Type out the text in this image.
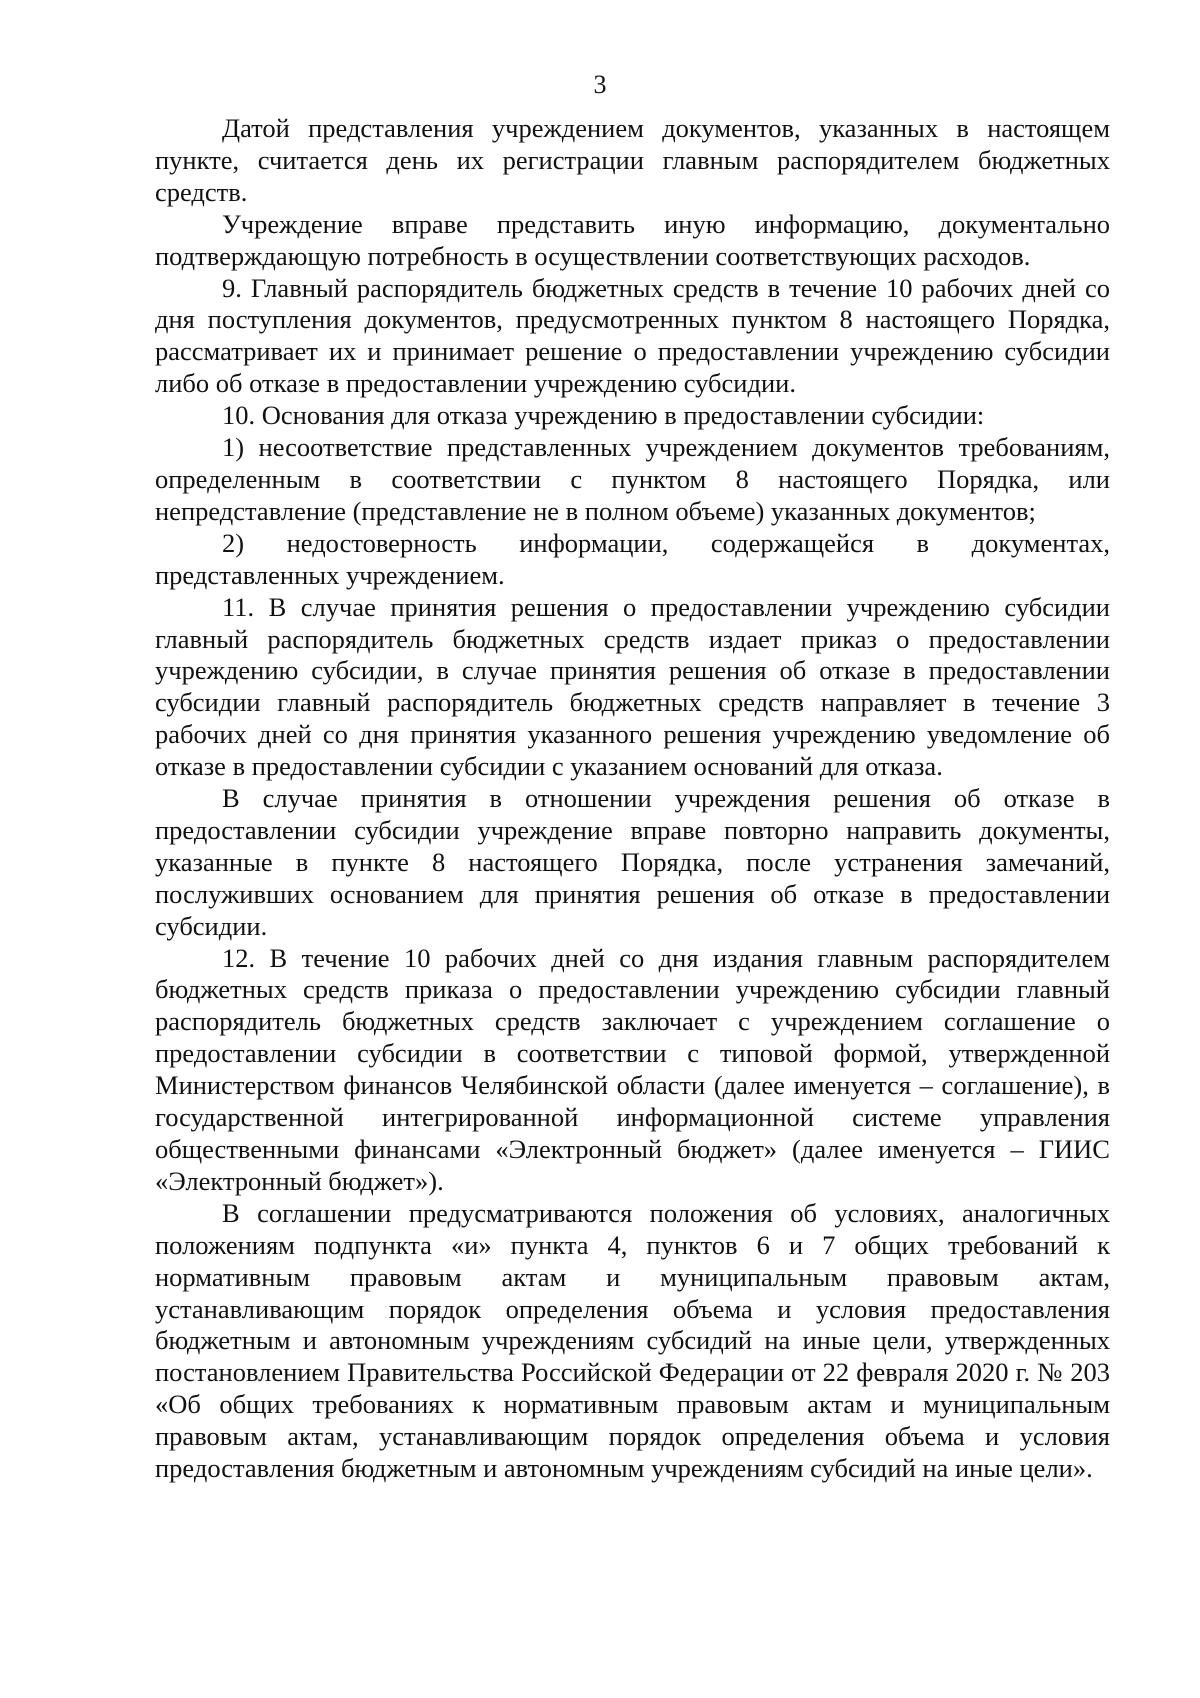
3

Датой представления учреждением документов, указанных в настоящем пункте, считается день их регистрации главным распорядителем бюджетных средств.

Учреждение вправе представить иную информацию, документально подтверждающую потребность в осуществлении соответствующих расходов.

9. Главный распорядитель бюджетных средств в течение 10 рабочих дней со дня поступления документов, предусмотренных пунктом 8 настоящего Порядка, рассматривает их и принимает решение о предоставлении учреждению субсидии либо об отказе в предоставлении учреждению субсидии.

10. Основания для отказа учреждению в предоставлении субсидии:

1) несоответствие представленных учреждением документов требованиям, определенным в соответствии с пунктом 8 настоящего Порядка, или непредставление (представление не в полном объеме) указанных документов;

2) недостоверность информации, содержащейся в документах, представленных учреждением.

11. В случае принятия решения о предоставлении учреждению субсидии главный распорядитель бюджетных средств издает приказ о предоставлении учреждению субсидии, в случае принятия решения об отказе в предоставлении субсидии главный распорядитель бюджетных средств направляет в течение 3 рабочих дней со дня принятия указанного решения учреждению уведомление об отказе в предоставлении субсидии с указанием оснований для отказа.

В случае принятия в отношении учреждения решения об отказе в предоставлении субсидии учреждение вправе повторно направить документы, указанные в пункте 8 настоящего Порядка, после устранения замечаний, послуживших основанием для принятия решения об отказе в предоставлении субсидии.

12. В течение 10 рабочих дней со дня издания главным распорядителем бюджетных средств приказа о предоставлении учреждению субсидии главный распорядитель бюджетных средств заключает с учреждением соглашение о предоставлении субсидии в соответствии с типовой формой, утвержденной Министерством финансов Челябинской области (далее именуется – соглашение), в государственной интегрированной информационной системе управления общественными финансами «Электронный бюджет» (далее именуется – ГИИС «Электронный бюджет»).

В соглашении предусматриваются положения об условиях, аналогичных положениям подпункта «и» пункта 4, пунктов 6 и 7 общих требований к нормативным правовым актам и муниципальным правовым актам, устанавливающим порядок определения объема и условия предоставления бюджетным и автономным учреждениям субсидий на иные цели, утвержденных постановлением Правительства Российской Федерации от 22 февраля 2020 г. № 203 «Об общих требованиях к нормативным правовым актам и муниципальным правовым актам, устанавливающим порядок определения объема и условия предоставления бюджетным и автономным учреждениям субсидий на иные цели».
